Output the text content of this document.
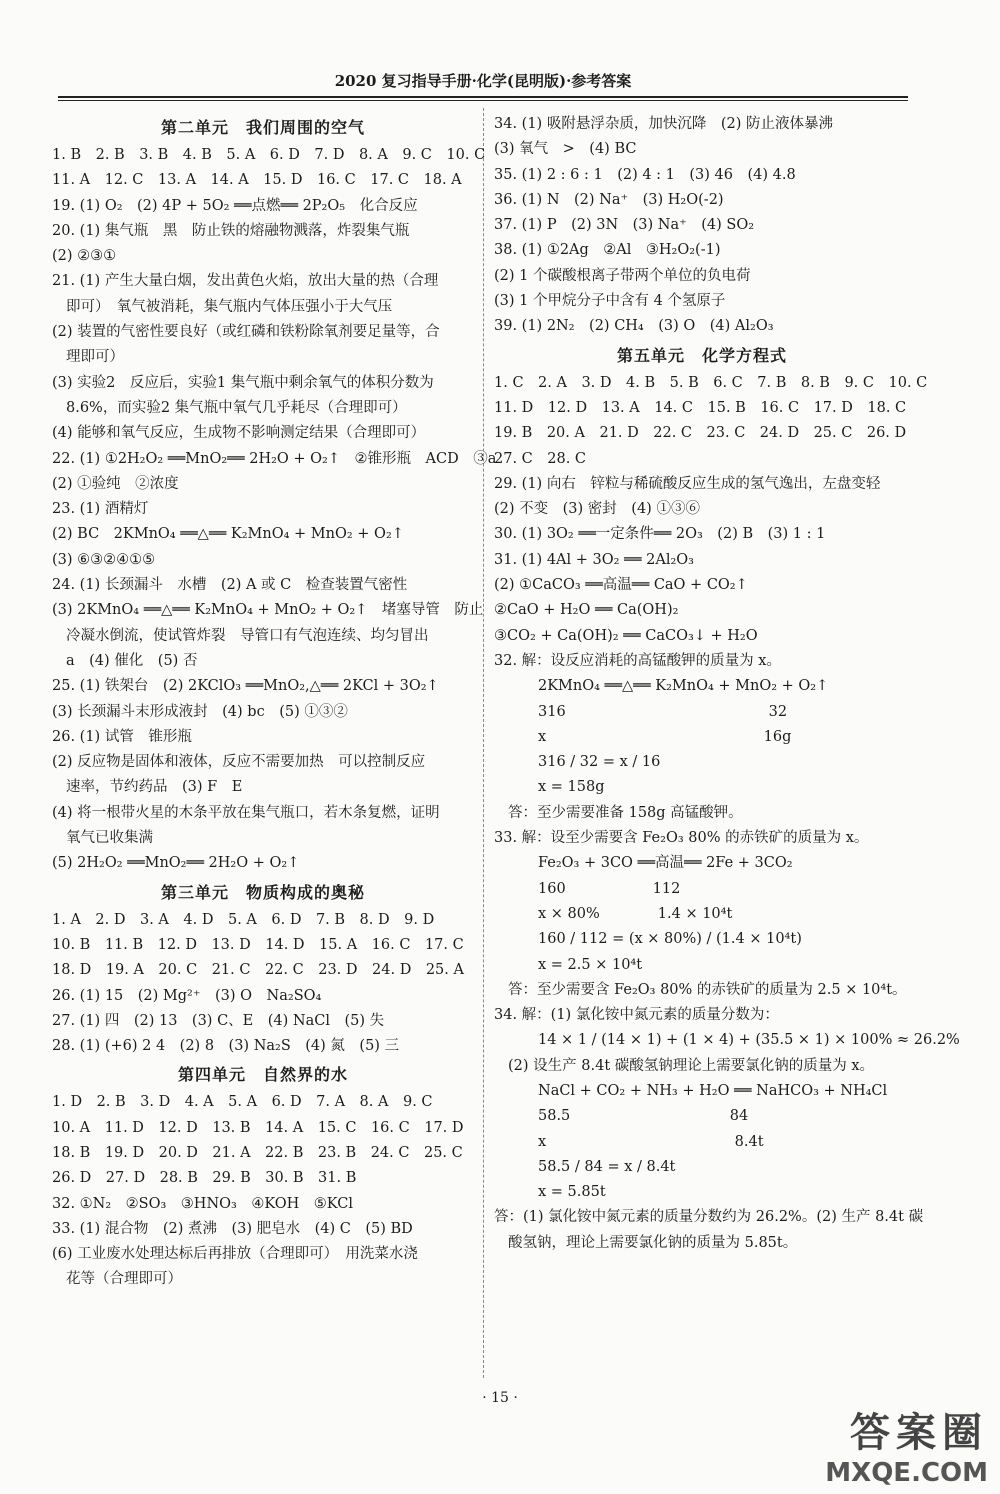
2020 复习指导手册·化学(昆明版)·参考答案
第二单元　我们周围的空气
1. B　2. B　3. B　4. B　5. A　6. D　7. D　8. A　9. C　10. C
11. A　12. C　13. A　14. A　15. D　16. C　17. C　18. A
19. (1) O₂　(2) 4P + 5O₂ ══点燃══ 2P₂O₅　化合反应
20. (1) 集气瓶　黑　防止铁的熔融物溅落，炸裂集气瓶
(2) ②③①
21. (1) 产生大量白烟，发出黄色火焰，放出大量的热（合理
即可）　氧气被消耗，集气瓶内气体压强小于大气压
(2) 装置的气密性要良好（或红磷和铁粉除氧剂要足量等，合
理即可）
(3) 实验2　反应后，实验1 集气瓶中剩余氧气的体积分数为
8.6%，而实验2 集气瓶中氧气几乎耗尽（合理即可）
(4) 能够和氧气反应，生成物不影响测定结果（合理即可）
22. (1) ①2H₂O₂ ══MnO₂══ 2H₂O + O₂↑　②锥形瓶　ACD　③a
(2) ①验纯　②浓度
23. (1) 酒精灯
(2) BC　2KMnO₄ ══△══ K₂MnO₄ + MnO₂ + O₂↑
(3) ⑥③②④①⑤
24. (1) 长颈漏斗　水槽　(2) A 或 C　检查装置气密性
(3) 2KMnO₄ ══△══ K₂MnO₄ + MnO₂ + O₂↑　堵塞导管　防止
冷凝水倒流，使试管炸裂　导管口有气泡连续、均匀冒出
a　(4) 催化　(5) 否
25. (1) 铁架台　(2) 2KClO₃ ══MnO₂,△══ 2KCl + 3O₂↑
(3) 长颈漏斗末形成液封　(4) bc　(5) ①③②
26. (1) 试管　锥形瓶
(2) 反应物是固体和液体，反应不需要加热　可以控制反应
速率，节约药品　(3) F　E
(4) 将一根带火星的木条平放在集气瓶口，若木条复燃，证明
氧气已收集满
(5) 2H₂O₂ ══MnO₂══ 2H₂O + O₂↑
第三单元　物质构成的奥秘
1. A　2. D　3. A　4. D　5. A　6. D　7. B　8. D　9. D
10. B　11. B　12. D　13. D　14. D　15. A　16. C　17. C
18. D　19. A　20. C　21. C　22. C　23. D　24. D　25. A
26. (1) 15　(2) Mg²⁺　(3) O　Na₂SO₄
27. (1) 四　(2) 13　(3) C、E　(4) NaCl　(5) 失
28. (1) (+6) 2 4　(2) 8　(3) Na₂S　(4) 氮　(5) 三
第四单元　自然界的水
1. D　2. B　3. D　4. A　5. A　6. D　7. A　8. A　9. C
10. A　11. D　12. D　13. B　14. A　15. C　16. C　17. D
18. B　19. D　20. D　21. A　22. B　23. B　24. C　25. C
26. D　27. D　28. B　29. B　30. B　31. B
32. ①N₂　②SO₃　③HNO₃　④KOH　⑤KCl
33. (1) 混合物　(2) 煮沸　(3) 肥皂水　(4) C　(5) BD
(6) 工业废水处理达标后再排放（合理即可）　用洗菜水浇
花等（合理即可）
34. (1) 吸附悬浮杂质，加快沉降　(2) 防止液体暴沸
(3) 氧气　>　(4) BC
35. (1) 2 : 6 : 1　(2) 4 : 1　(3) 46　(4) 4.8
36. (1) N　(2) Na⁺　(3) H₂O(-2)
37. (1) P　(2) 3N　(3) Na⁺　(4) SO₂
38. (1) ①2Ag　②Al　③H₂O₂(-1)
(2) 1 个碳酸根离子带两个单位的负电荷
(3) 1 个甲烷分子中含有 4 个氢原子
39. (1) 2N₂　(2) CH₄　(3) O　(4) Al₂O₃
第五单元　化学方程式
1. C　2. A　3. D　4. B　5. B　6. C　7. B　8. B　9. C　10. C
11. D　12. D　13. A　14. C　15. B　16. C　17. D　18. C
19. B　20. A　21. D　22. C　23. C　24. D　25. C　26. D
27. C　28. C
29. (1) 向右　锌粒与稀硫酸反应生成的氢气逸出，左盘变轻
(2) 不变　(3) 密封　(4) ①③⑥
30. (1) 3O₂ ══一定条件══ 2O₃　(2) B　(3) 1 : 1
31. (1) 4Al + 3O₂ ══ 2Al₂O₃
(2) ①CaCO₃ ══高温══ CaO + CO₂↑
②CaO + H₂O ══ Ca(OH)₂
③CO₂ + Ca(OH)₂ ══ CaCO₃↓ + H₂O
32. 解：设反应消耗的高锰酸钾的质量为 x。
2KMnO₄ ══△══ K₂MnO₄ + MnO₂ + O₂↑
316　　　　　　　　　　　　　　32
x　　　　　　　　　　　　　　　16g
316 / 32 = x / 16
x = 158g
答：至少需要准备 158g 高锰酸钾。
33. 解：设至少需要含 Fe₂O₃ 80% 的赤铁矿的质量为 x。
Fe₂O₃ + 3CO ══高温══ 2Fe + 3CO₂
160　　　　　　112
x × 80%　　　　1.4 × 10⁴t
160 / 112 = (x × 80%) / (1.4 × 10⁴t)
x = 2.5 × 10⁴t
答：至少需要含 Fe₂O₃ 80% 的赤铁矿的质量为 2.5 × 10⁴t。
34. 解：(1) 氯化铵中氮元素的质量分数为：
14 × 1 / (14 × 1) + (1 × 4) + (35.5 × 1) × 100% ≈ 26.2%
(2) 设生产 8.4t 碳酸氢钠理论上需要氯化钠的质量为 x。
NaCl + CO₂ + NH₃ + H₂O ══ NaHCO₃ + NH₄Cl
58.5　　　　　　　　　　　84
x　　　　　　　　　　　　　8.4t
58.5 / 84 = x / 8.4t
x = 5.85t
答：(1) 氯化铵中氮元素的质量分数约为 26.2%。(2) 生产 8.4t 碳
酸氢钠，理论上需要氯化钠的质量为 5.85t。
· 15 ·
答案圈
MXQE.COM
